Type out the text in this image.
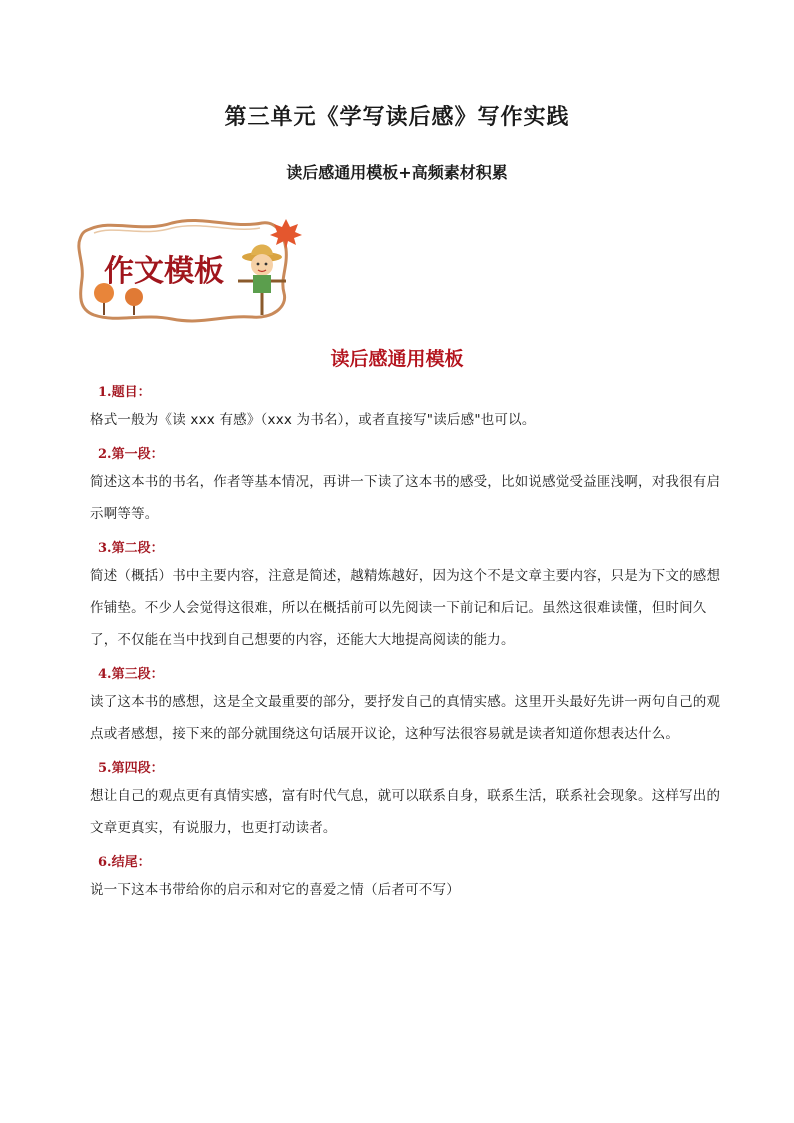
第三单元《学写读后感》写作实践
读后感通用模板+高频素材积累
作文模板
读后感通用模板
1.题目：
格式一般为《读 xxx 有感》（xxx 为书名），或者直接写"读后感"也可以。
2.第一段：
简述这本书的书名，作者等基本情况，再讲一下读了这本书的感受，比如说感觉受益匪浅啊，对我很有启示啊等等。
3.第二段：
简述（概括）书中主要内容，注意是简述，越精炼越好，因为这个不是文章主要内容，只是为下文的感想作铺垫。不少人会觉得这很难，所以在概括前可以先阅读一下前记和后记。虽然这很难读懂，但时间久了，不仅能在当中找到自己想要的内容，还能大大地提高阅读的能力。
4.第三段：
读了这本书的感想，这是全文最重要的部分，要抒发自己的真情实感。这里开头最好先讲一两句自己的观点或者感想，接下来的部分就围绕这句话展开议论，这种写法很容易就是读者知道你想表达什么。
5.第四段：
想让自己的观点更有真情实感，富有时代气息，就可以联系自身，联系生活，联系社会现象。这样写出的文章更真实，有说服力，也更打动读者。
6.结尾：
说一下这本书带给你的启示和对它的喜爱之情（后者可不写）
